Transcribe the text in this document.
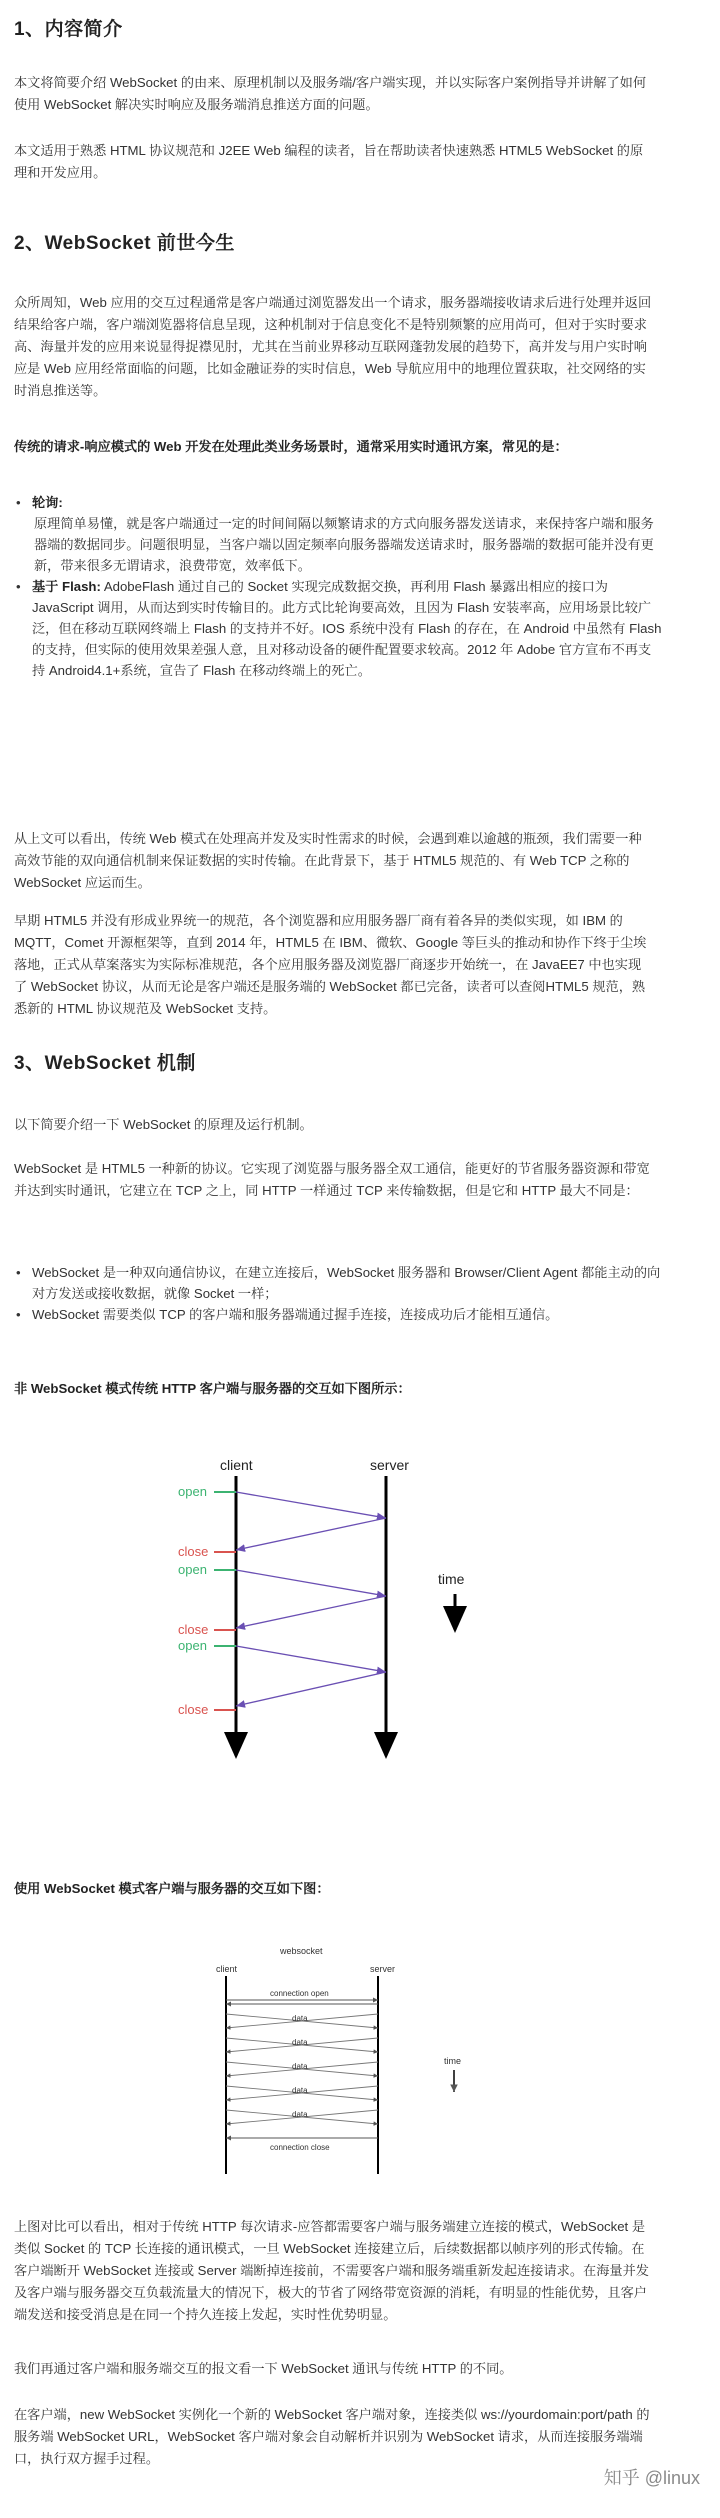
1、内容简介

本文将简要介绍 WebSocket 的由来、原理机制以及服务端/客户端实现，并以实际客户案例指导并讲解了如何使用 WebSocket 解决实时响应及服务端消息推送方面的问题。

本文适用于熟悉 HTML 协议规范和 J2EE Web 编程的读者，旨在帮助读者快速熟悉 HTML5 WebSocket 的原理和开发应用。

2、WebSocket 前世今生

众所周知，Web 应用的交互过程通常是客户端通过浏览器发出一个请求，服务器端接收请求后进行处理并返回结果给客户端，客户端浏览器将信息呈现，这种机制对于信息变化不是特别频繁的应用尚可，但对于实时要求高、海量并发的应用来说显得捉襟见肘，尤其在当前业界移动互联网蓬勃发展的趋势下，高并发与用户实时响应是 Web 应用经常面临的问题，比如金融证券的实时信息，Web 导航应用中的地理位置获取，社交网络的实时消息推送等。

传统的请求-响应模式的 Web 开发在处理此类业务场景时，通常采用实时通讯方案，常见的是：

• 轮询:
原理简单易懂，就是客户端通过一定的时间间隔以频繁请求的方式向服务器发送请求，来保持客户端和服务器端的数据同步。问题很明显，当客户端以固定频率向服务器端发送请求时，服务器端的数据可能并没有更新，带来很多无谓请求，浪费带宽，效率低下。
• 基于 Flash: AdobeFlash 通过自己的 Socket 实现完成数据交换，再利用 Flash 暴露出相应的接口为 JavaScript 调用，从而达到实时传输目的。此方式比轮询要高效，且因为 Flash 安装率高，应用场景比较广泛，但在移动互联网终端上 Flash 的支持并不好。IOS 系统中没有 Flash 的存在，在 Android 中虽然有 Flash 的支持，但实际的使用效果差强人意，且对移动设备的硬件配置要求较高。2012 年 Adobe 官方宣布不再支持 Android4.1+系统，宣告了 Flash 在移动终端上的死亡。

从上文可以看出，传统 Web 模式在处理高并发及实时性需求的时候，会遇到难以逾越的瓶颈，我们需要一种高效节能的双向通信机制来保证数据的实时传输。在此背景下，基于 HTML5 规范的、有 Web TCP 之称的 WebSocket 应运而生。

早期 HTML5 并没有形成业界统一的规范，各个浏览器和应用服务器厂商有着各异的类似实现，如 IBM 的 MQTT，Comet 开源框架等，直到 2014 年，HTML5 在 IBM、微软、Google 等巨头的推动和协作下终于尘埃落地，正式从草案落实为实际标准规范，各个应用服务器及浏览器厂商逐步开始统一，在 JavaEE7 中也实现了 WebSocket 协议，从而无论是客户端还是服务端的 WebSocket 都已完备，读者可以查阅HTML5 规范，熟悉新的 HTML 协议规范及 WebSocket 支持。

3、WebSocket 机制

以下简要介绍一下 WebSocket 的原理及运行机制。

WebSocket 是 HTML5 一种新的协议。它实现了浏览器与服务器全双工通信，能更好的节省服务器资源和带宽并达到实时通讯，它建立在 TCP 之上，同 HTTP 一样通过 TCP 来传输数据，但是它和 HTTP 最大不同是：

• WebSocket 是一种双向通信协议，在建立连接后，WebSocket 服务器和 Browser/Client Agent 都能主动的向对方发送或接收数据，就像 Socket 一样；
• WebSocket 需要类似 TCP 的客户端和服务器端通过握手连接，连接成功后才能相互通信。

非 WebSocket 模式传统 HTTP 客户端与服务器的交互如下图所示：

client	server
open
close
open
close
open
close
time

使用 WebSocket 模式客户端与服务器的交互如下图：

websocket
client	server
connection open
data
data
data
data
data
connection close
time

上图对比可以看出，相对于传统 HTTP 每次请求-应答都需要客户端与服务端建立连接的模式，WebSocket 是类似 Socket 的 TCP 长连接的通讯模式，一旦 WebSocket 连接建立后，后续数据都以帧序列的形式传输。在客户端断开 WebSocket 连接或 Server 端断掉连接前，不需要客户端和服务端重新发起连接请求。在海量并发及客户端与服务器交互负载流量大的情况下，极大的节省了网络带宽资源的消耗，有明显的性能优势，且客户端发送和接受消息是在同一个持久连接上发起，实时性优势明显。

我们再通过客户端和服务端交互的报文看一下 WebSocket 通讯与传统 HTTP 的不同。

在客户端，new WebSocket 实例化一个新的 WebSocket 客户端对象，连接类似 ws://yourdomain:port/path 的服务端 WebSocket URL，WebSocket 客户端对象会自动解析并识别为 WebSocket 请求，从而连接服务端端口，执行双方握手过程。

知乎 @linux
